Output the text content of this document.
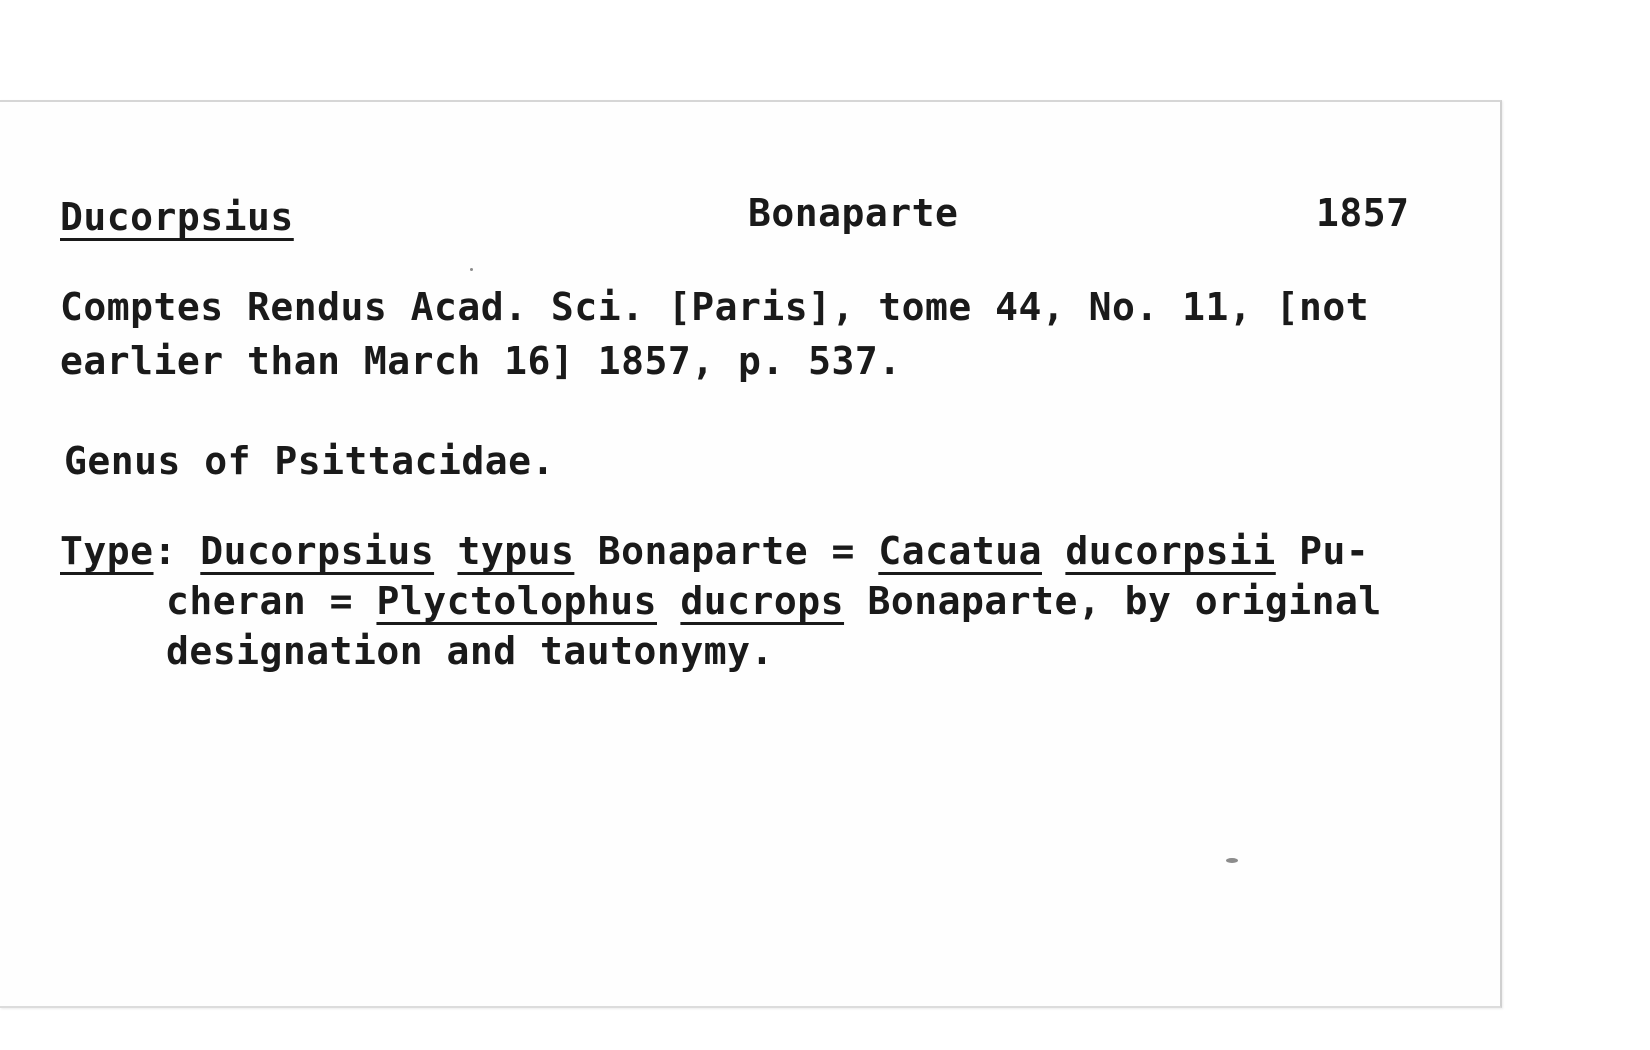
Ducorpsius	Bonaparte	1857
Comptes Rendus Acad. Sci. [Paris], tome 44, No. 11, [not
earlier than March 16] 1857, p. 537.
Genus of Psittacidae.
Type: Ducorpsius typus Bonaparte = Cacatua ducorpsii Pu-
cheran = Plyctolophus ducrops Bonaparte, by original
designation and tautonymy.
